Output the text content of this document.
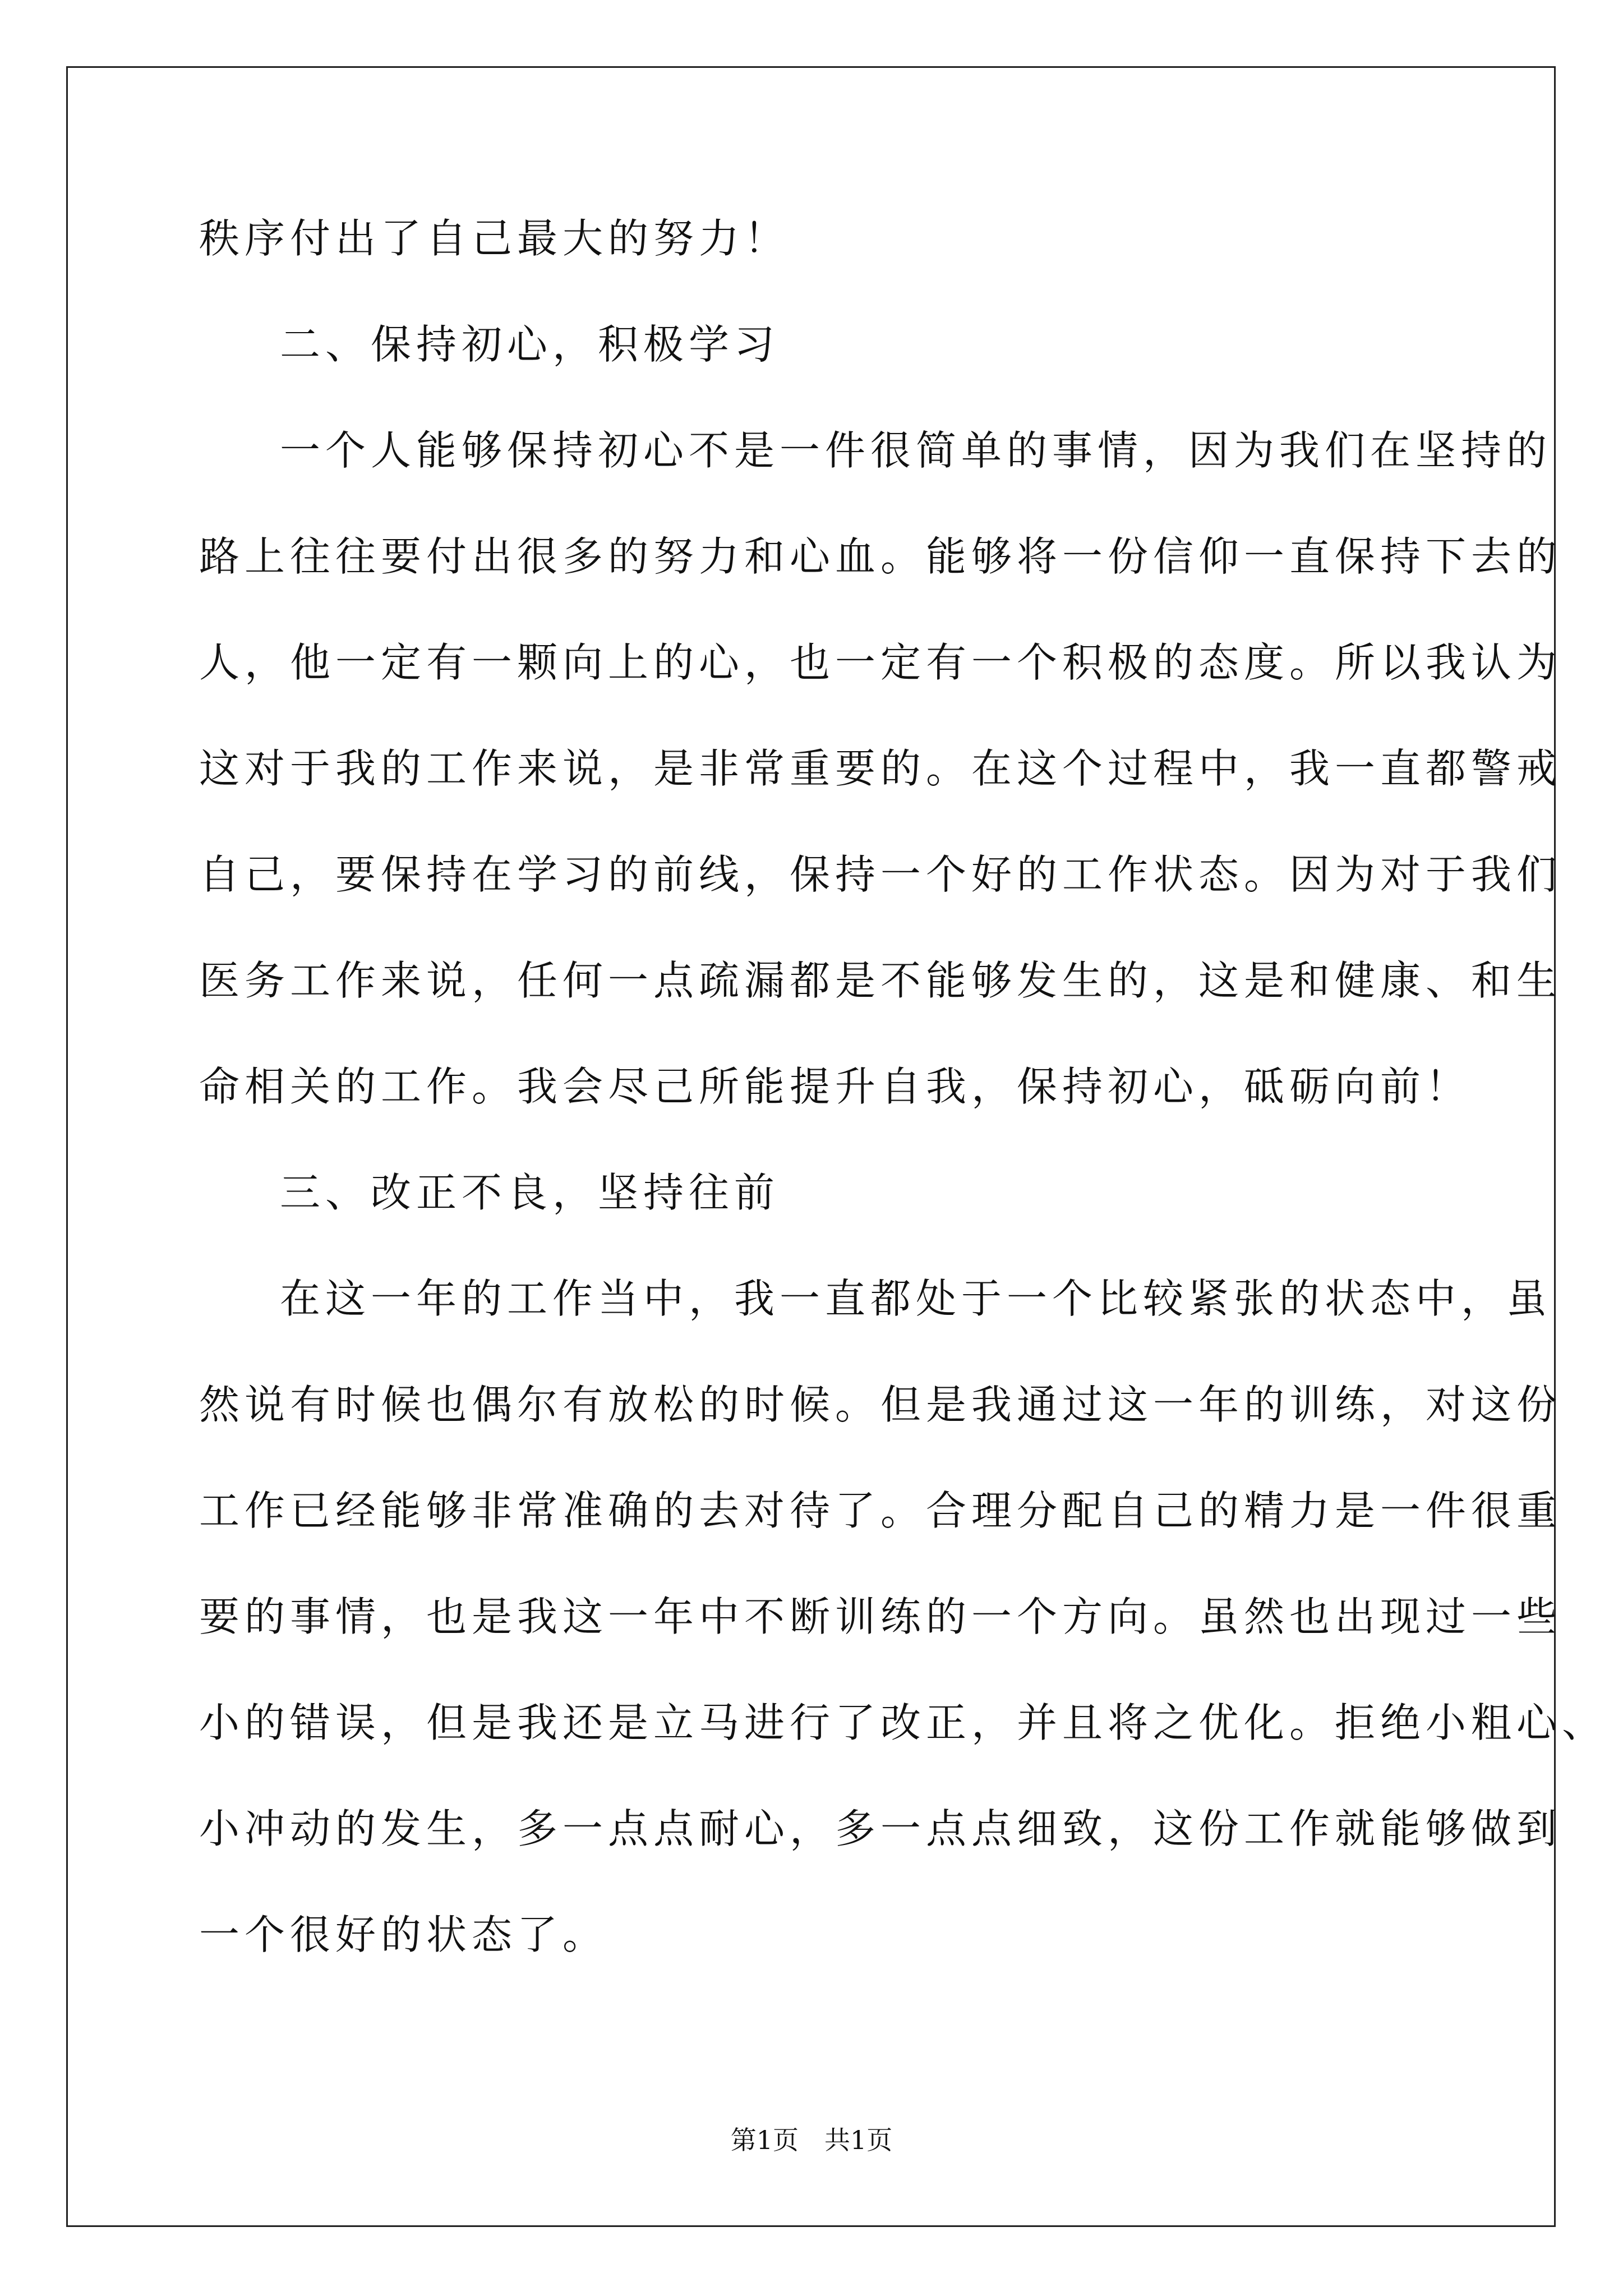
秩序付出了自己最大的努力！
二、保持初心，积极学习
一个人能够保持初心不是一件很简单的事情，因为我们在坚持的
路上往往要付出很多的努力和心血。能够将一份信仰一直保持下去的
人，他一定有一颗向上的心，也一定有一个积极的态度。所以我认为
这对于我的工作来说，是非常重要的。在这个过程中，我一直都警戒
自己，要保持在学习的前线，保持一个好的工作状态。因为对于我们
医务工作来说，任何一点疏漏都是不能够发生的，这是和健康、和生
命相关的工作。我会尽己所能提升自我，保持初心，砥砺向前！
三、改正不良，坚持往前
在这一年的工作当中，我一直都处于一个比较紧张的状态中，虽
然说有时候也偶尔有放松的时候。但是我通过这一年的训练，对这份
工作已经能够非常准确的去对待了。合理分配自己的精力是一件很重
要的事情，也是我这一年中不断训练的一个方向。虽然也出现过一些
小的错误，但是我还是立马进行了改正，并且将之优化。拒绝小粗心、
小冲动的发生，多一点点耐心，多一点点细致，这份工作就能够做到
一个很好的状态了。
第1页 共1页
